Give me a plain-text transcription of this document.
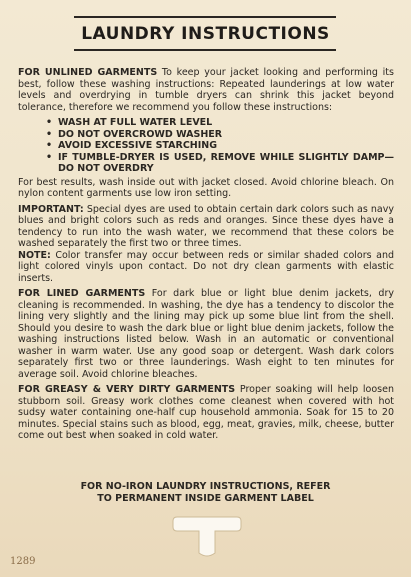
LAUNDRY INSTRUCTIONS

FOR UNLINED GARMENTS To keep your jacket looking and performing its best, follow these washing instructions: Repeated launderings at low water levels and overdrying in tumble dryers can shrink this jacket beyond tolerance, therefore we recommend you follow these instructions:

• WASH AT FULL WATER LEVEL
• DO NOT OVERCROWD WASHER
• AVOID EXCESSIVE STARCHING
• IF TUMBLE-DRYER IS USED, REMOVE WHILE SLIGHTLY DAMP—DO NOT OVERDRY

For best results, wash inside out with jacket closed. Avoid chlorine bleach. On nylon content garments use low iron setting.

IMPORTANT: Special dyes are used to obtain certain dark colors such as navy blues and bright colors such as reds and oranges. Since these dyes have a tendency to run into the wash water, we recommend that these colors be washed separately the first two or three times.
NOTE: Color transfer may occur between reds or similar shaded colors and light colored vinyls upon contact. Do not dry clean garments with elastic inserts.

FOR LINED GARMENTS For dark blue or light blue denim jackets, dry cleaning is recommended. In washing, the dye has a tendency to discolor the lining very slightly and the lining may pick up some blue lint from the shell. Should you desire to wash the dark blue or light blue denim jackets, follow the washing instructions listed below. Wash in an automatic or conventional washer in warm water. Use any good soap or detergent. Wash dark colors separately first two or three launderings. Wash eight to ten minutes for average soil. Avoid chlorine bleaches.

FOR GREASY & VERY DIRTY GARMENTS Proper soaking will help loosen stubborn soil. Greasy work clothes come cleanest when covered with hot sudsy water containing one-half cup household ammonia. Soak for 15 to 20 minutes. Special stains such as blood, egg, meat, gravies, milk, cheese, butter come out best when soaked in cold water.

FOR NO-IRON LAUNDRY INSTRUCTIONS, REFER
TO PERMANENT INSIDE GARMENT LABEL
1289
